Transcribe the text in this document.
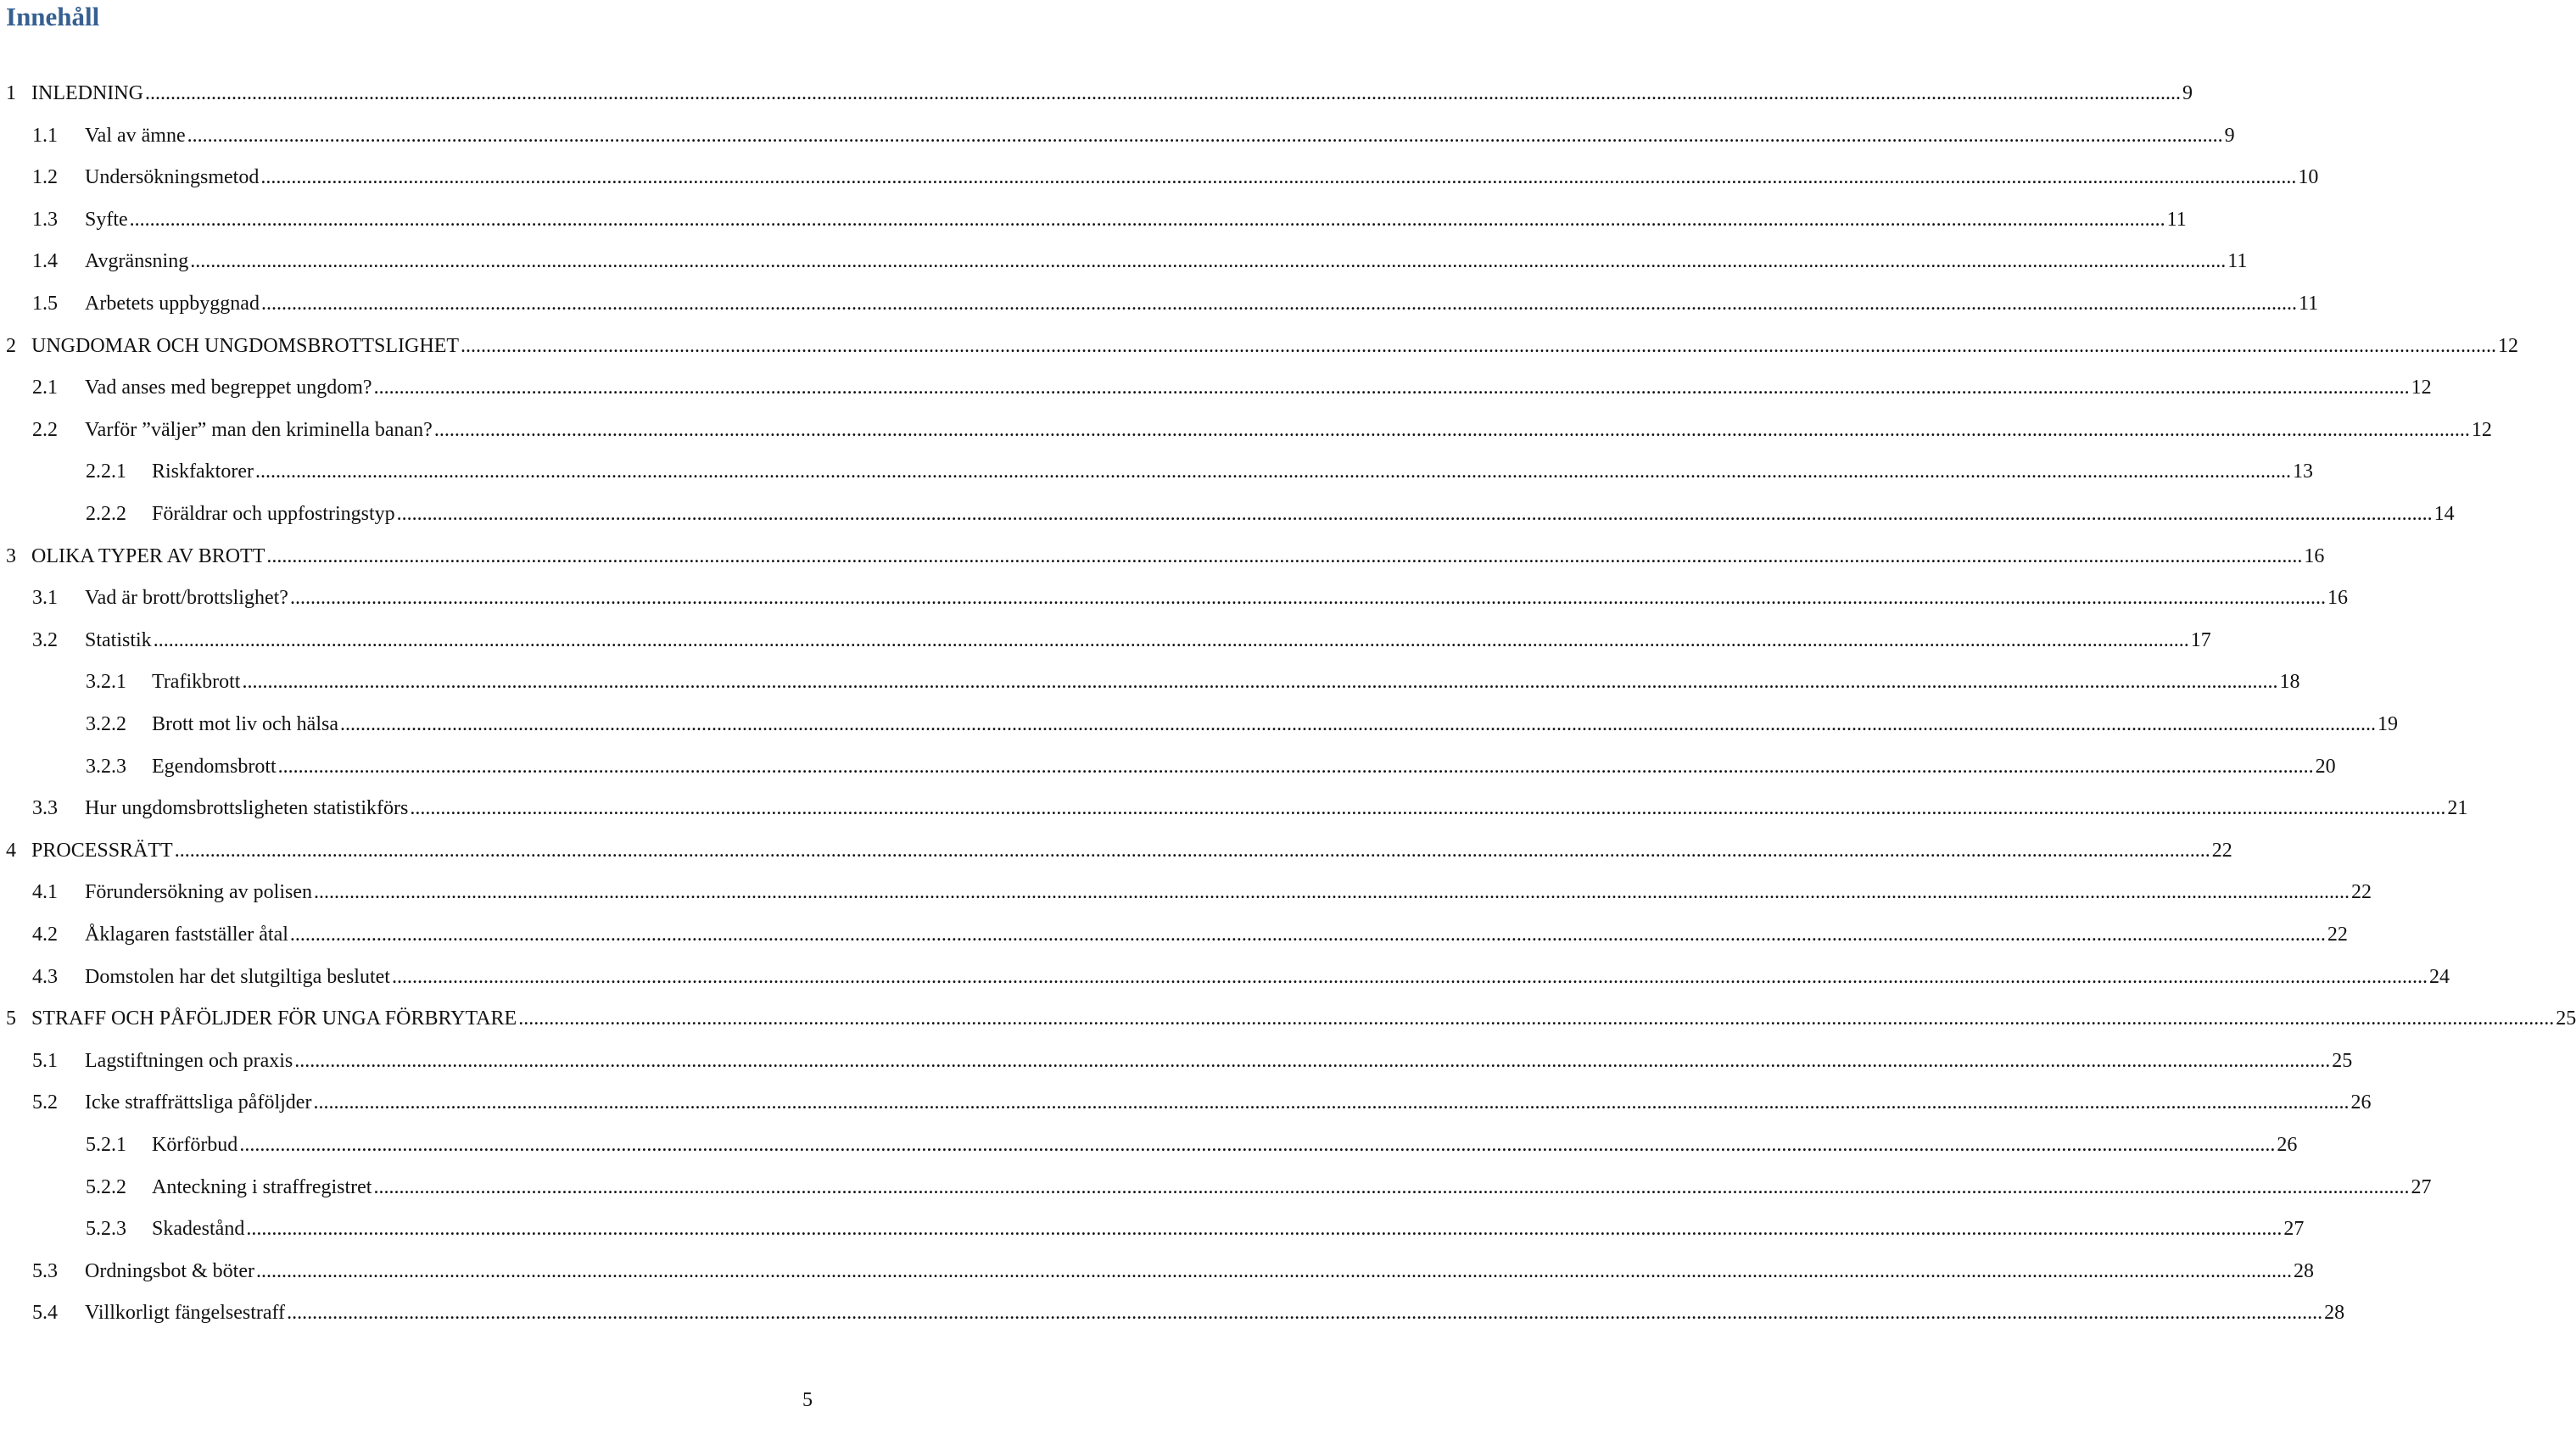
Innehåll
1 INLEDNING ................................................................................................................................................................................................................................................................................................................................................................................................................ 9
1.1 Val av ämne ................................................................................................................................................................................................................................................................................................................................................................................................................ 9
1.2 Undersökningsmetod ................................................................................................................................................................................................................................................................................................................................................................................................................ 10
1.3 Syfte ................................................................................................................................................................................................................................................................................................................................................................................................................ 11
1.4 Avgränsning ................................................................................................................................................................................................................................................................................................................................................................................................................ 11
1.5 Arbetets uppbyggnad ................................................................................................................................................................................................................................................................................................................................................................................................................ 11
2 UNGDOMAR OCH UNGDOMSBROTTSLIGHET ................................................................................................................................................................................................................................................................................................................................................................................................................ 12
2.1 Vad anses med begreppet ungdom? ................................................................................................................................................................................................................................................................................................................................................................................................................ 12
2.2 Varför ”väljer” man den kriminella banan? ................................................................................................................................................................................................................................................................................................................................................................................................................ 12
2.2.1 Riskfaktorer ................................................................................................................................................................................................................................................................................................................................................................................................................ 13
2.2.2 Föräldrar och uppfostringstyp ................................................................................................................................................................................................................................................................................................................................................................................................................ 14
3 OLIKA TYPER AV BROTT ................................................................................................................................................................................................................................................................................................................................................................................................................ 16
3.1 Vad är brott/brottslighet? ................................................................................................................................................................................................................................................................................................................................................................................................................ 16
3.2 Statistik ................................................................................................................................................................................................................................................................................................................................................................................................................ 17
3.2.1 Trafikbrott ................................................................................................................................................................................................................................................................................................................................................................................................................ 18
3.2.2 Brott mot liv och hälsa ................................................................................................................................................................................................................................................................................................................................................................................................................ 19
3.2.3 Egendomsbrott ................................................................................................................................................................................................................................................................................................................................................................................................................ 20
3.3 Hur ungdomsbrottsligheten statistikförs ................................................................................................................................................................................................................................................................................................................................................................................................................ 21
4 PROCESSRÄTT ................................................................................................................................................................................................................................................................................................................................................................................................................ 22
4.1 Förundersökning av polisen ................................................................................................................................................................................................................................................................................................................................................................................................................ 22
4.2 Åklagaren fastställer åtal ................................................................................................................................................................................................................................................................................................................................................................................................................ 22
4.3 Domstolen har det slutgiltiga beslutet ................................................................................................................................................................................................................................................................................................................................................................................................................ 24
5 STRAFF OCH PÅFÖLJDER FÖR UNGA FÖRBRYTARE ................................................................................................................................................................................................................................................................................................................................................................................................................ 25
5.1 Lagstiftningen och praxis ................................................................................................................................................................................................................................................................................................................................................................................................................ 25
5.2 Icke straffrättsliga påföljder ................................................................................................................................................................................................................................................................................................................................................................................................................ 26
5.2.1 Körförbud ................................................................................................................................................................................................................................................................................................................................................................................................................ 26
5.2.2 Anteckning i straffregistret ................................................................................................................................................................................................................................................................................................................................................................................................................ 27
5.2.3 Skadestånd ................................................................................................................................................................................................................................................................................................................................................................................................................ 27
5.3 Ordningsbot & böter ................................................................................................................................................................................................................................................................................................................................................................................................................ 28
5.4 Villkorligt fängelsestraff ................................................................................................................................................................................................................................................................................................................................................................................................................ 28
5
